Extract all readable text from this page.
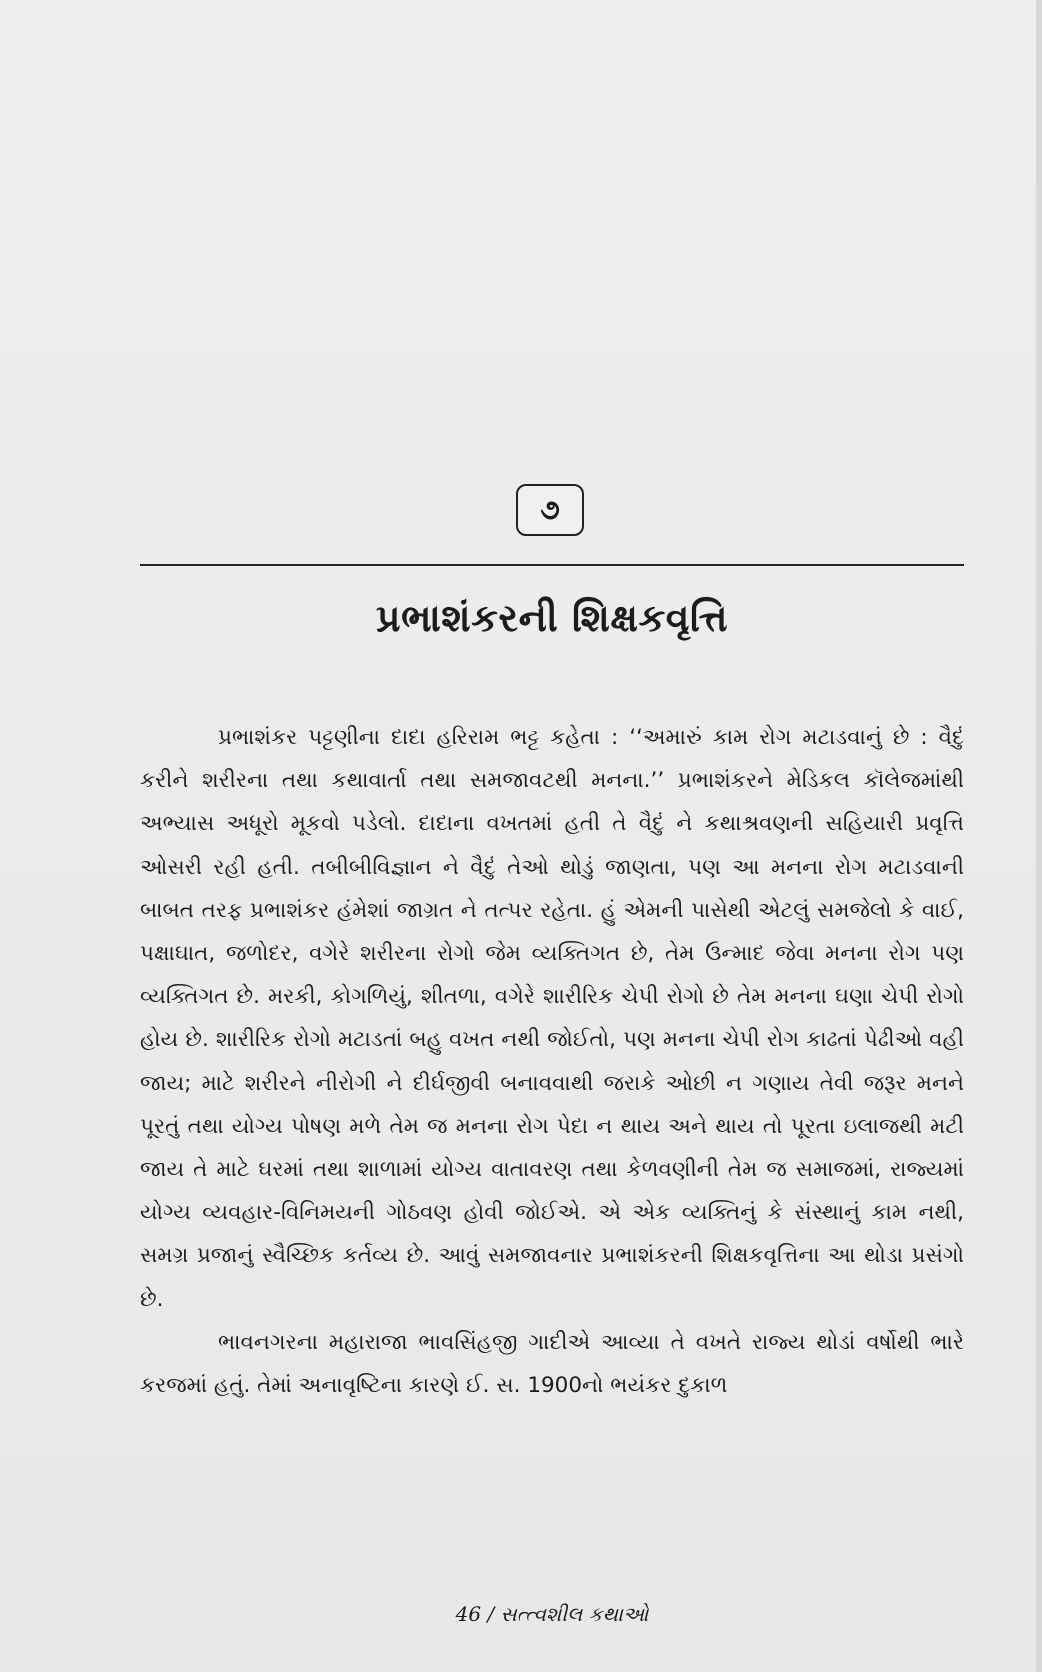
૭
પ્રભાશંકરની શિક્ષકવૃત્તિ

પ્રભાશંકર પટ્ટણીના દાદા હરિરામ ભટ્ટ કહેતા : ‘‘અમારું કામ રોગ મટાડવાનું છે : વૈદું કરીને શરીરના તથા કથાવાર્તા તથા સમજાવટથી મનના.’’ પ્રભાશંકરને મેડિકલ કૉલેજમાંથી અભ્યાસ અધૂરો મૂકવો પડેલો. દાદાના વખતમાં હતી તે વૈદું ને કથાશ્રવણની સહિયારી પ્રવૃત્તિ ઓસરી રહી હતી. તબીબીવિજ્ઞાન ને વૈદું તેઓ થોડું જાણતા, પણ આ મનના રોગ મટાડવાની બાબત તરફ પ્રભાશંકર હંમેશાં જાગ્રત ને તત્પર રહેતા. હું એમની પાસેથી એટલું સમજેલો કે વાઈ, પક્ષાઘાત, જળોદર, વગેરે શરીરના રોગો જેમ વ્યક્તિગત છે, તેમ ઉન્માદ જેવા મનના રોગ પણ વ્યક્તિગત છે. મરકી, કોગળિયું, શીતળા, વગેરે શારીરિક ચેપી રોગો છે તેમ મનના ઘણા ચેપી રોગો હોય છે. શારીરિક રોગો મટાડતાં બહુ વખત નથી જોઈતો, પણ મનના ચેપી રોગ કાઢતાં પેઢીઓ વહી જાય; માટે શરીરને નીરોગી ને દીર્ઘજીવી બનાવવાથી જરાકે ઓછી ન ગણાય તેવી જરૂર મનને પૂરતું તથા યોગ્ય પોષણ મળે તેમ જ મનના રોગ પેદા ન થાય અને થાય તો પૂરતા ઇલાજથી મટી જાય તે માટે ઘરમાં તથા શાળામાં યોગ્ય વાતાવરણ તથા કેળવણીની તેમ જ સમાજમાં, રાજ્યમાં યોગ્ય વ્યવહાર-વિનિમયની ગોઠવણ હોવી જોઈએ. એ એક વ્યક્તિનું કે સંસ્થાનું કામ નથી, સમગ્ર પ્રજાનું સ્વૈચ્છિક કર્તવ્ય છે. આવું સમજાવનાર પ્રભાશંકરની શિક્ષકવૃત્તિના આ થોડા પ્રસંગો છે.

ભાવનગરના મહારાજા ભાવસિંહજી ગાદીએ આવ્યા તે વખતે રાજ્ય થોડાં વર્ષોથી ભારે કરજમાં હતું. તેમાં અનાવૃષ્ટિના કારણે ઈ. સ. 1900નો ભયંકર દુકાળ

46 / સત્ત્વશીલ કથાઓ
